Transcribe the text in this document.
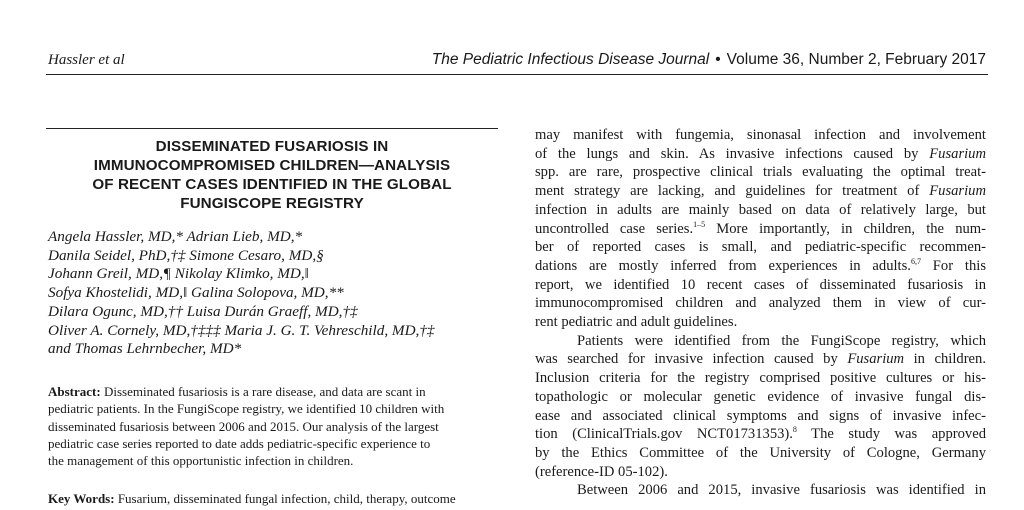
Hassler et al	The Pediatric Infectious Disease Journal • Volume 36, Number 2, February 2017
DISSEMINATED FUSARIOSIS IN
IMMUNOCOMPROMISED CHILDREN—ANALYSIS
OF RECENT CASES IDENTIFIED IN THE GLOBAL
FUNGISCOPE REGISTRY
Angela Hassler, MD,* Adrian Lieb, MD,*
Danila Seidel, PhD,†‡ Simone Cesaro, MD,§
Johann Greil, MD,¶ Nikolay Klimko, MD,‖
Sofya Khostelidi, MD,‖ Galina Solopova, MD,**
Dilara Ogunc, MD,†† Luisa Durán Graeff, MD,†‡
Oliver A. Cornely, MD,†‡‡‡ Maria J. G. T. Vehreschild, MD,†‡
and Thomas Lehrnbecher, MD*
Abstract: Disseminated fusariosis is a rare disease, and data are scant in
pediatric patients. In the FungiScope registry, we identified 10 children with
disseminated fusariosis between 2006 and 2015. Our analysis of the largest
pediatric case series reported to date adds pediatric-specific experience to
the management of this opportunistic infection in children.
Key Words: Fusarium, disseminated fungal infection, child, therapy, outcome
may manifest with fungemia, sinonasal infection and involvement
of the lungs and skin. As invasive infections caused by Fusarium
spp. are rare, prospective clinical trials evaluating the optimal treat-
ment strategy are lacking, and guidelines for treatment of Fusarium
infection in adults are mainly based on data of relatively large, but
uncontrolled case series.$^{1-5}$ More importantly, in children, the num-
ber of reported cases is small, and pediatric-specific recommen-
dations are mostly inferred from experiences in adults.$^{6,7}$ For this
report, we identified 10 recent cases of disseminated fusariosis in
immunocompromised children and analyzed them in view of cur-
rent pediatric and adult guidelines.
Patients were identified from the FungiScope registry, which
was searched for invasive infection caused by Fusarium in children.
Inclusion criteria for the registry comprised positive cultures or his-
topathologic or molecular genetic evidence of invasive fungal dis-
ease and associated clinical symptoms and signs of invasive infec-
tion (ClinicalTrials.gov NCT01731353).$^8$ The study was approved
by the Ethics Committee of the University of Cologne, Germany
(reference-ID 05-102).
Between 2006 and 2015, invasive fusariosis was identified in
